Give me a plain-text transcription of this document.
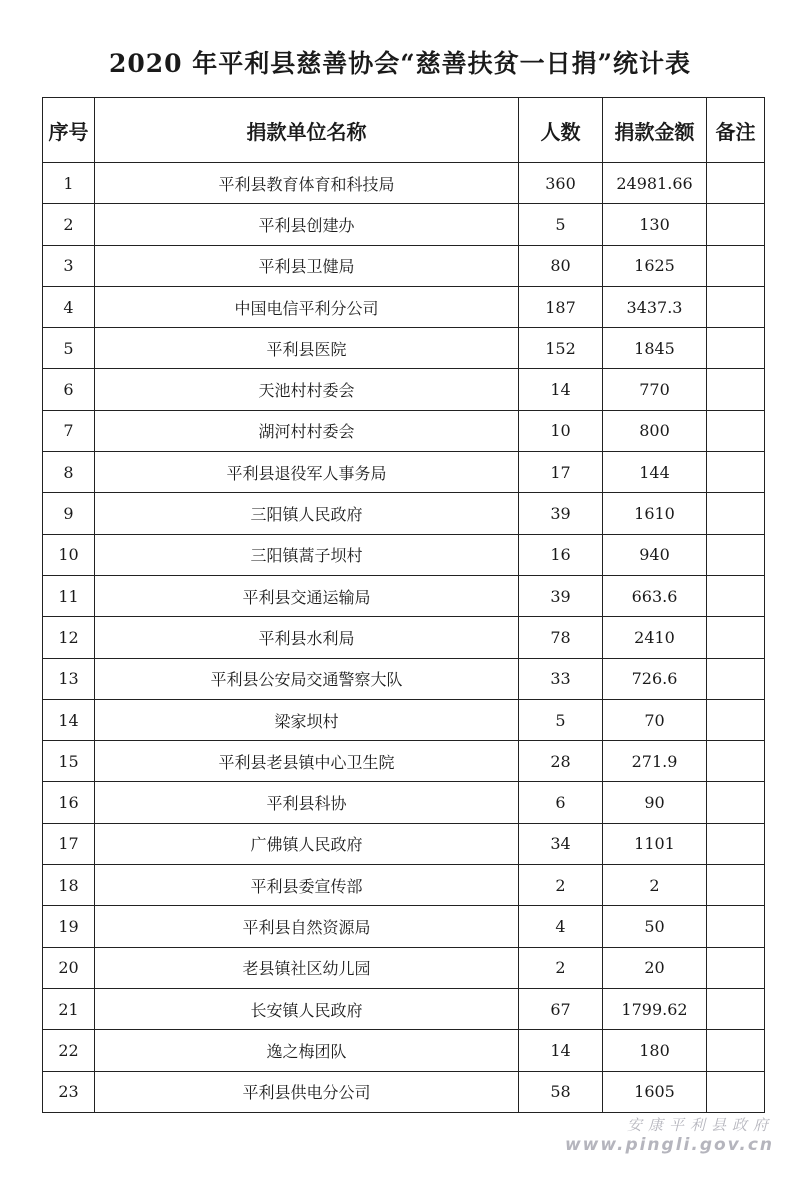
2020 年平利县慈善协会“慈善扶贫一日捐”统计表
序号	捐款单位名称	人数	捐款金额	备注
1	平利县教育体育和科技局	360	24981.66	
2	平利县创建办	5	130	
3	平利县卫健局	80	1625	
4	中国电信平利分公司	187	3437.3	
5	平利县医院	152	1845	
6	天池村村委会	14	770	
7	湖河村村委会	10	800	
8	平利县退役军人事务局	17	144	
9	三阳镇人民政府	39	1610	
10	三阳镇蒿子坝村	16	940	
11	平利县交通运输局	39	663.6	
12	平利县水利局	78	2410	
13	平利县公安局交通警察大队	33	726.6	
14	梁家坝村	5	70	
15	平利县老县镇中心卫生院	28	271.9	
16	平利县科协	6	90	
17	广佛镇人民政府	34	1101	
18	平利县委宣传部	2	2	
19	平利县自然资源局	4	50	
20	老县镇社区幼儿园	2	20	
21	长安镇人民政府	67	1799.62	
22	逸之梅团队	14	180	
23	平利县供电分公司	58	1605	
安康平利县政府
www.pingli.gov.cn
